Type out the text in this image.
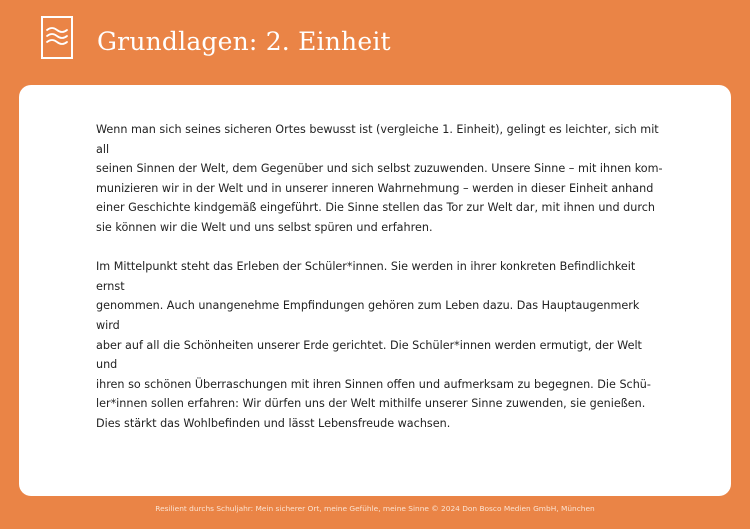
Grundlagen: 2. Einheit

Wenn man sich seines sicheren Ortes bewusst ist (vergleiche 1. Einheit), gelingt es leichter, sich mit all
seinen Sinnen der Welt, dem Gegenüber und sich selbst zuzuwenden. Unsere Sinne – mit ihnen kom-
munizieren wir in der Welt und in unserer inneren Wahrnehmung – werden in dieser Einheit anhand
einer Geschichte kindgemäß eingeführt. Die Sinne stellen das Tor zur Welt dar, mit ihnen und durch
sie können wir die Welt und uns selbst spüren und erfahren.

Im Mittelpunkt steht das Erleben der Schüler*innen. Sie werden in ihrer konkreten Befindlichkeit ernst
genommen. Auch unangenehme Empfindungen gehören zum Leben dazu. Das Hauptaugenmerk wird
aber auf all die Schönheiten unserer Erde gerichtet. Die Schüler*innen werden ermutigt, der Welt und
ihren so schönen Überraschungen mit ihren Sinnen offen und aufmerksam zu begegnen. Die Schü-
ler*innen sollen erfahren: Wir dürfen uns der Welt mithilfe unserer Sinne zuwenden, sie genießen.
Dies stärkt das Wohlbefinden und lässt Lebensfreude wachsen.

Resilient durchs Schuljahr: Mein sicherer Ort, meine Gefühle, meine Sinne © 2024 Don Bosco Medien GmbH, München
